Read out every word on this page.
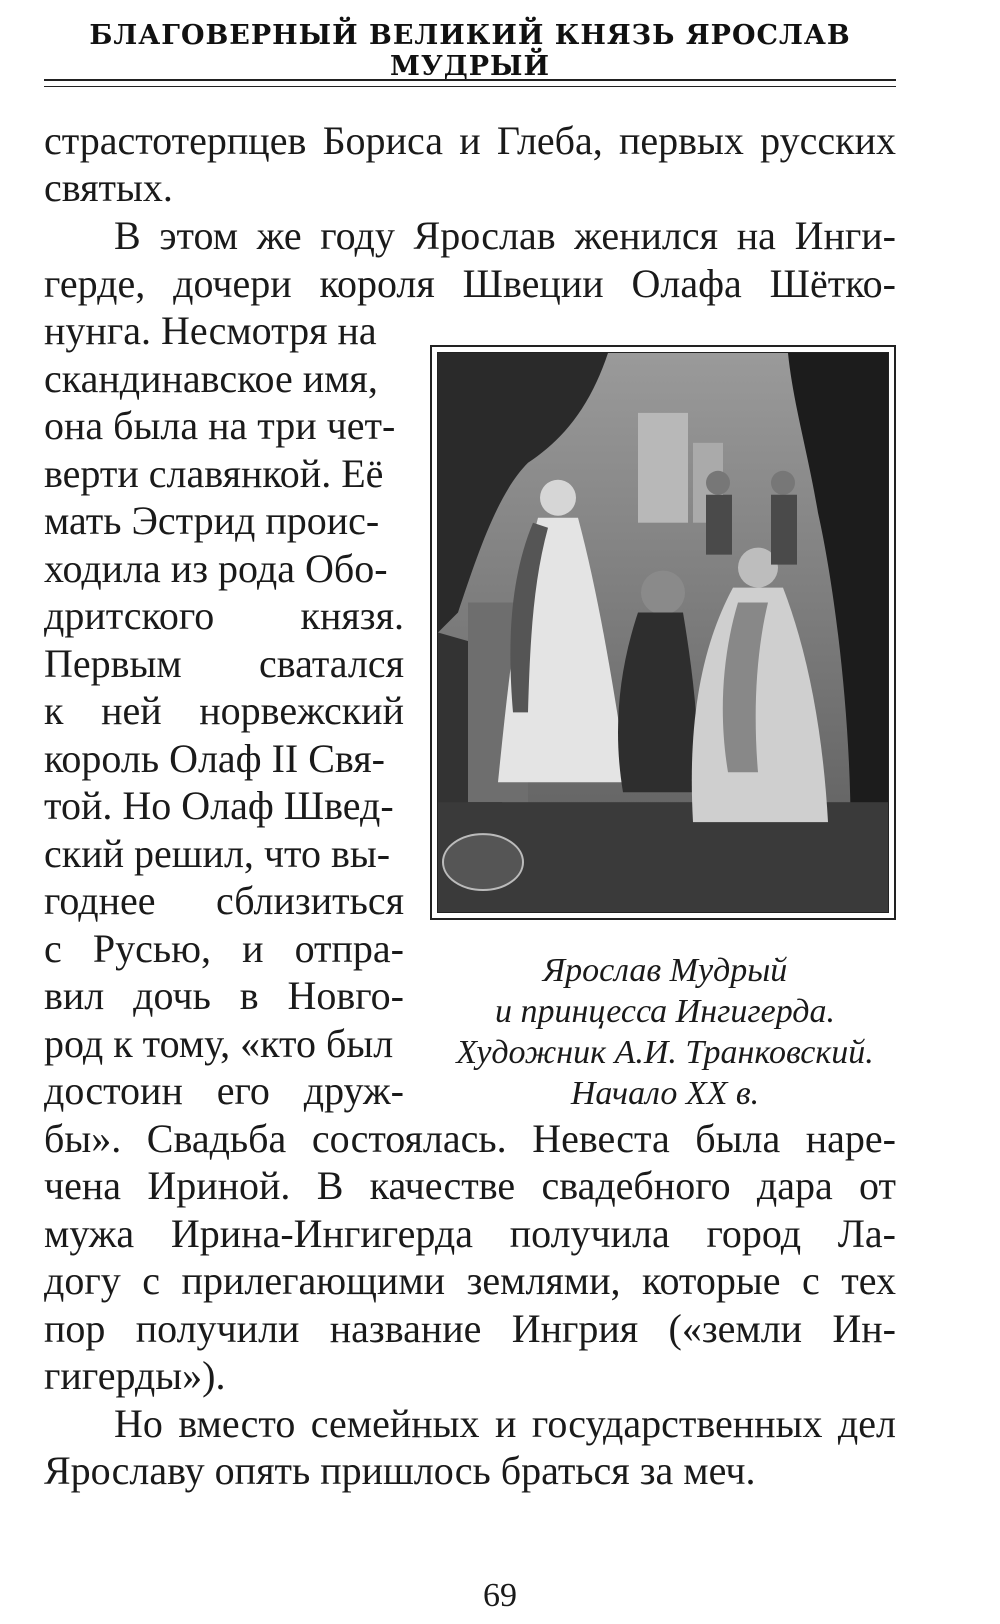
БЛАГОВЕРНЫЙ ВЕЛИКИЙ КНЯЗЬ ЯРОСЛАВ МУДРЫЙ
страстотерпцев Бориса и Глеба, первых русских
святых.
В этом же году Ярослав женился на Инги-
герде, дочери короля Швеции Олафа Шётко-
нунга. Несмотря на
скандинавское имя,
она была на три чет-
верти славянкой. Её
мать Эстрид проис-
ходила из рода Обо-
дритского князя.
Первым сватался
к ней норвежский
король Олаф II Свя-
той. Но Олаф Швед-
ский решил, что вы-
годнее сблизиться
с Русью, и отпра-
вил дочь в Новго-
род к тому, «кто был
достоин его друж-
бы». Свадьба состоялась. Невеста была наре-
чена Ириной. В качестве свадебного дара от
мужа Ирина-Ингигерда получила город Ла-
догу с прилегающими землями, которые с тех
пор получили название Ингрия («земли Ин-
гигерды»).
Но вместо семейных и государственных дел
Ярославу опять пришлось браться за меч.
Ярослав Мудрый
и принцесса Ингигерда.
Художник А.И. Транковский.
Начало XX в.
69
